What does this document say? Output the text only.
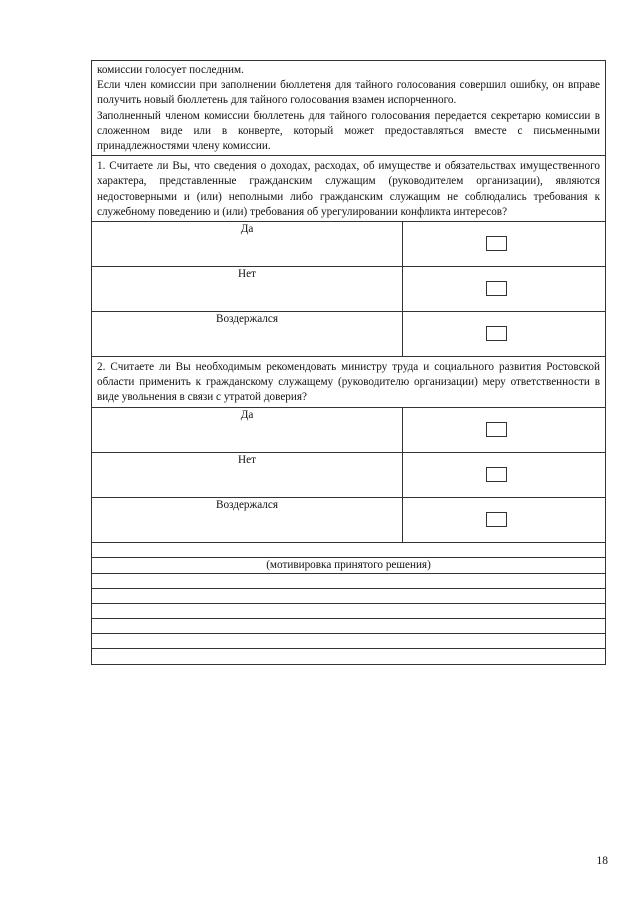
комиссии голосует последним.

Если член комиссии при заполнении бюллетеня для тайного голосования совершил ошибку, он вправе получить новый бюллетень для тайного голосования взамен испорченного.

Заполненный членом комиссии бюллетень для тайного голосования передается секретарю комиссии в сложенном виде или в конверте, который может предоставляться вместе с письменными принадлежностями члену комиссии.

1. Считаете ли Вы, что сведения о доходах, расходах, об имуществе и обязательствах имущественного характера, представленные гражданским служащим (руководителем организации), являются недостоверными и (или) неполными либо гражданским служащим не соблюдались требования к служебному поведению и (или) требования об урегулировании конфликта интересов?
Да
Нет
Воздержался
2. Считаете ли Вы необходимым рекомендовать министру труда и социального развития Ростовской области применить к гражданскому служащему (руководителю организации) меру ответственности в виде увольнения в связи с утратой доверия?
Да
Нет
Воздержался
(мотивировка принятого решения)
18
